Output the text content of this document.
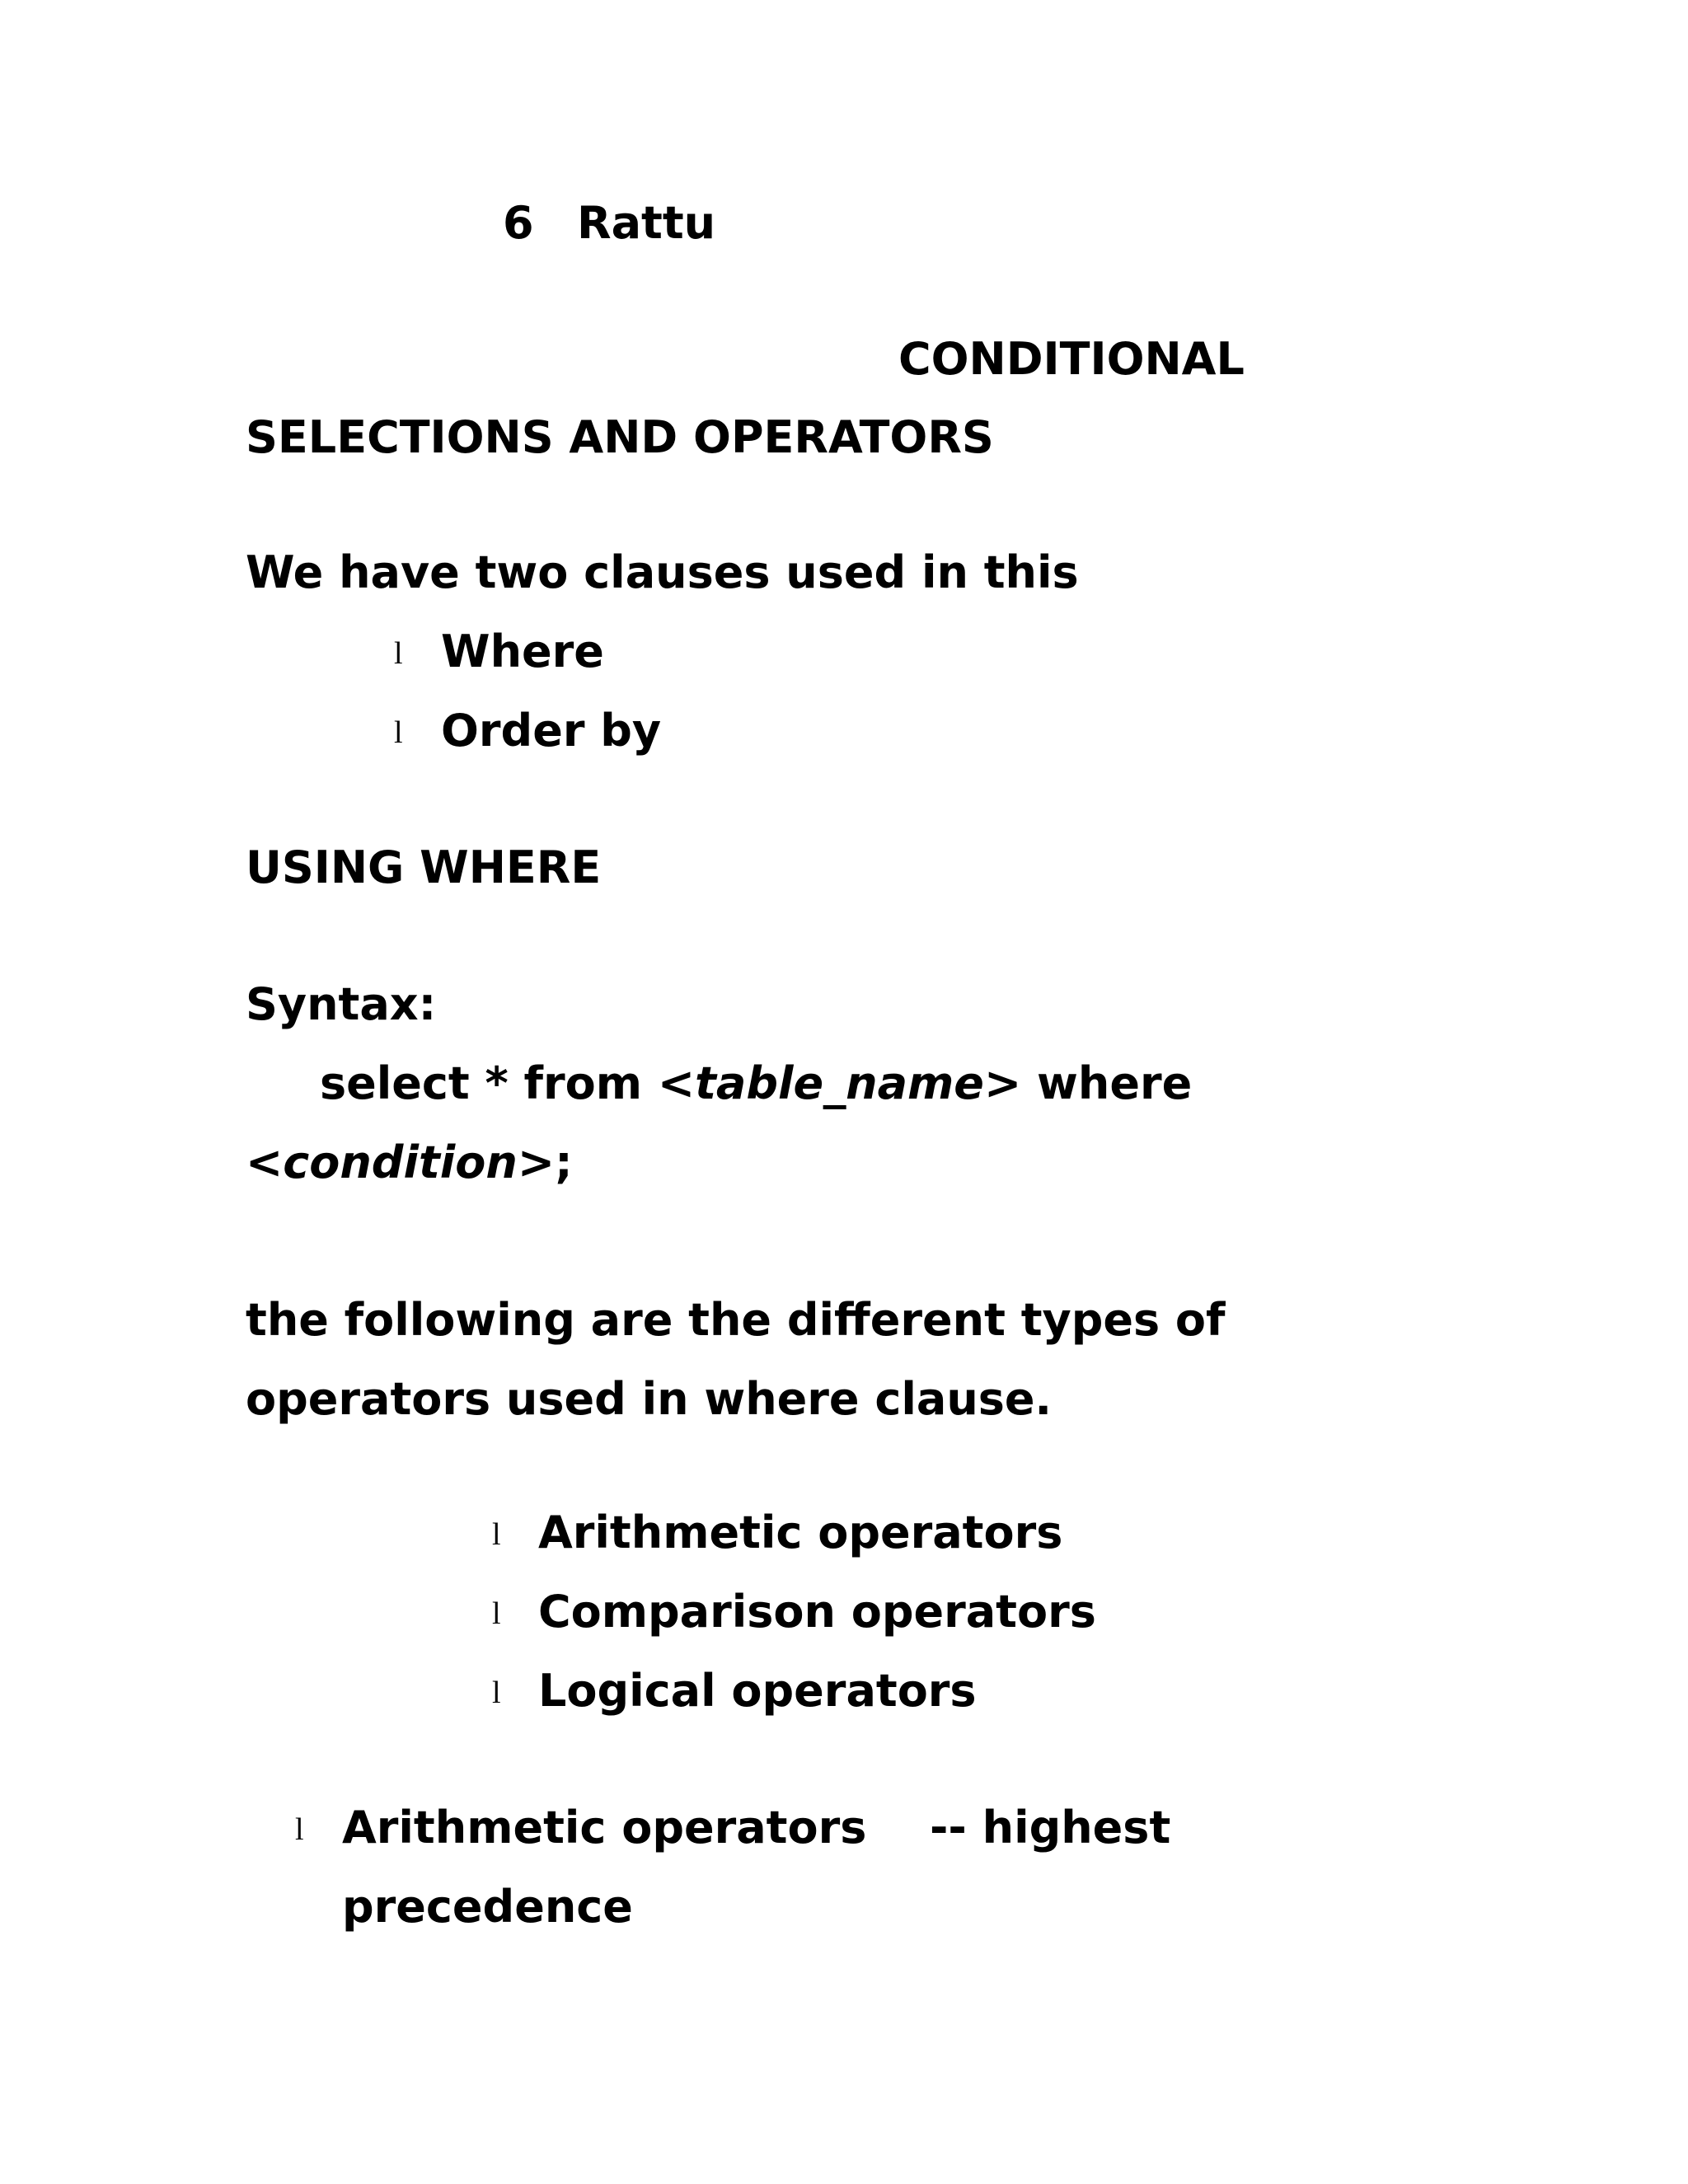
6 Rattu
CONDITIONAL
SELECTIONS AND OPERATORS
We have two clauses used in this
l Where
l Order by
USING WHERE
Syntax:
select * from <table_name> where
<condition>;
the following are the different types of
operators used in where clause.
l Arithmetic operators
l Comparison operators
l Logical operators
l Arithmetic operators -- highest
precedence
